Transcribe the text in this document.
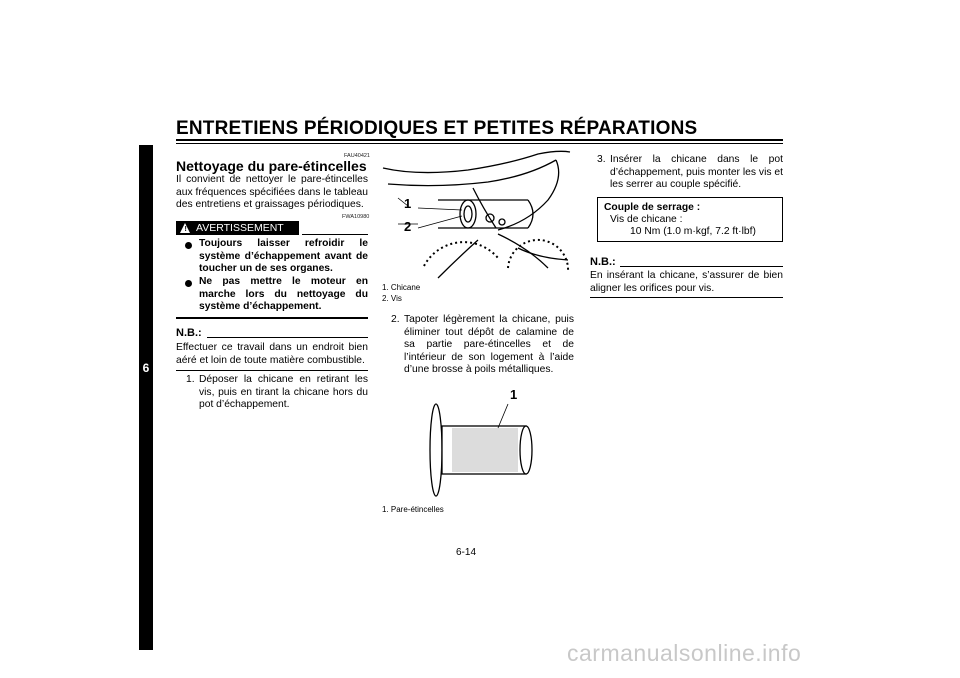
ENTRETIENS PÉRIODIQUES ET PETITES RÉPARATIONS
6
FAU40421
Nettoyage du pare-étincelles
Il convient de nettoyer le pare-étincelles aux fréquences spécifiées dans le tableau des entretiens et graissages périodiques.
FWA10980
! AVERTISSEMENT
Toujours laisser refroidir le système d’échappement avant de toucher un de ses organes.
Ne pas mettre le moteur en marche lors du nettoyage du système d’échappement.
N.B.:
Effectuer ce travail dans un endroit bien aéré et loin de toute matière combustible.
1. Déposer la chicane en retirant les vis, puis en tirant la chicane hors du pot d’échappement.
1
2
1. Chicane
2. Vis
2. Tapoter légèrement la chicane, puis éliminer tout dépôt de calamine de sa partie pare-étincelles et de l’intérieur de son logement à l’aide d’une brosse à poils métalliques.
1
1. Pare-étincelles
3. Insérer la chicane dans le pot d’échappement, puis monter les vis et les serrer au couple spécifié.
Couple de serrage :
Vis de chicane :
10 Nm (1.0 m·kgf, 7.2 ft·lbf)
N.B.:
En insérant la chicane, s’assurer de bien aligner les orifices pour vis.
6-14
carmanualsonline.info
